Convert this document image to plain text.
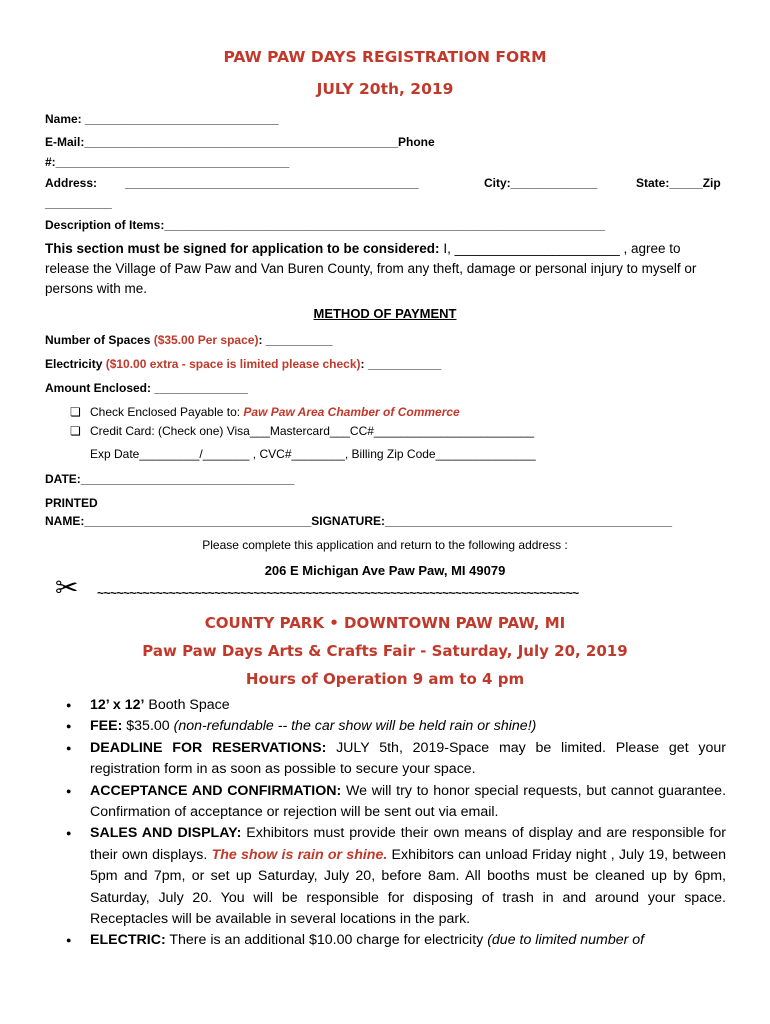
PAW PAW DAYS REGISTRATION FORM
JULY 20th, 2019
Name: _____________________________
E-Mail:_______________________________________________Phone
#:___________________________________
Address: ____________________________________________	City:_____________	State:_____Zip
__________
Description of Items:__________________________________________________________________
This section must be signed for application to be considered: I, ______________________ , agree to
release the Village of Paw Paw and Van Buren County, from any theft, damage or personal injury to myself or
persons with me.
METHOD OF PAYMENT
Number of Spaces ($35.00 Per space): __________
Electricity ($10.00 extra - space is limited please check): ___________
Amount Enclosed: ______________
❏ Check Enclosed Payable to: Paw Paw Area Chamber of Commerce
❏ Credit Card: (Check one) Visa___Mastercard___CC#________________________
Exp Date_________/_______ , CVC#________, Billing Zip Code_______________
DATE:________________________________
PRINTED
NAME:__________________________________SIGNATURE:___________________________________________
Please complete this application and return to the following address :
206 E Michigan Ave Paw Paw, MI 49079
✂ ~~~~~~~~~~~~~~~~~~~~~~~~~~~~~~~~~~~~~~~~~~~~~~~~~~~~~~~~~~~~~~~~~~~~~~~~~~
COUNTY PARK • DOWNTOWN PAW PAW, MI
Paw Paw Days Arts & Crafts Fair - Saturday, July 20, 2019
Hours of Operation 9 am to 4 pm
● 12’ x 12’ Booth Space
● FEE: $35.00 (non-refundable -- the car show will be held rain or shine!)
● DEADLINE FOR RESERVATIONS: JULY 5th, 2019-Space may be limited. Please get your registration form in as soon as possible to secure your space.
● ACCEPTANCE AND CONFIRMATION: We will try to honor special requests, but cannot guarantee. Confirmation of acceptance or rejection will be sent out via email.
● SALES AND DISPLAY: Exhibitors must provide their own means of display and are responsible for their own displays. The show is rain or shine. Exhibitors can unload Friday night , July 19, between 5pm and 7pm, or set up Saturday, July 20, before 8am. All booths must be cleaned up by 6pm, Saturday, July 20. You will be responsible for disposing of trash in and around your space. Receptacles will be available in several locations in the park.
● ELECTRIC: There is an additional $10.00 charge for electricity (due to limited number of
